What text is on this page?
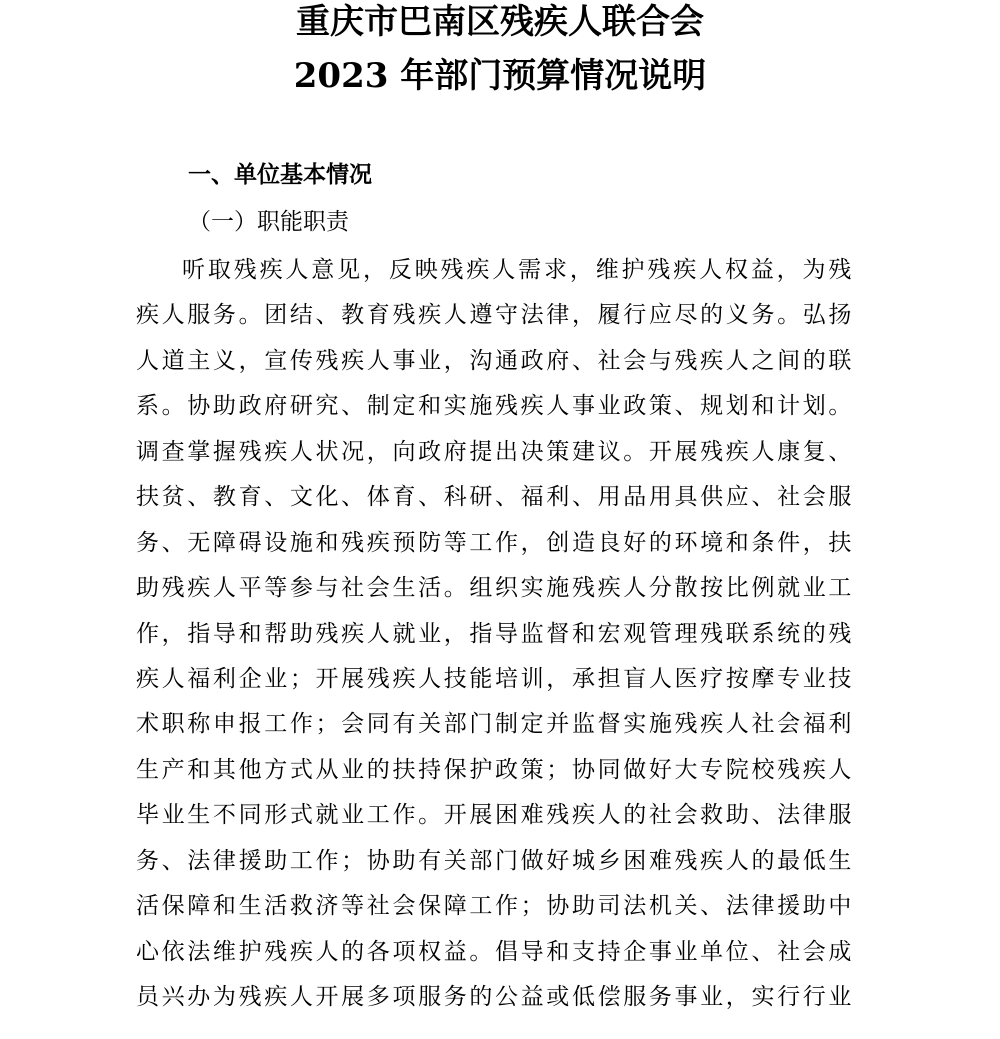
重庆市巴南区残疾人联合会
2023 年部门预算情况说明
一、单位基本情况
（一）职能职责
听取残疾人意见，反映残疾人需求，维护残疾人权益，为残
疾人服务。团结、教育残疾人遵守法律，履行应尽的义务。弘扬
人道主义，宣传残疾人事业，沟通政府、社会与残疾人之间的联
系。协助政府研究、制定和实施残疾人事业政策、规划和计划。
调查掌握残疾人状况，向政府提出决策建议。开展残疾人康复、
扶贫、教育、文化、体育、科研、福利、用品用具供应、社会服
务、无障碍设施和残疾预防等工作，创造良好的环境和条件，扶
助残疾人平等参与社会生活。组织实施残疾人分散按比例就业工
作，指导和帮助残疾人就业，指导监督和宏观管理残联系统的残
疾人福利企业；开展残疾人技能培训，承担盲人医疗按摩专业技
术职称申报工作；会同有关部门制定并监督实施残疾人社会福利
生产和其他方式从业的扶持保护政策；协同做好大专院校残疾人
毕业生不同形式就业工作。开展困难残疾人的社会救助、法律服
务、法律援助工作；协助有关部门做好城乡困难残疾人的最低生
活保障和生活救济等社会保障工作；协助司法机关、法律援助中
心依法维护残疾人的各项权益。倡导和支持企事业单位、社会成
员兴办为残疾人开展多项服务的公益或低偿服务事业，实行行业
